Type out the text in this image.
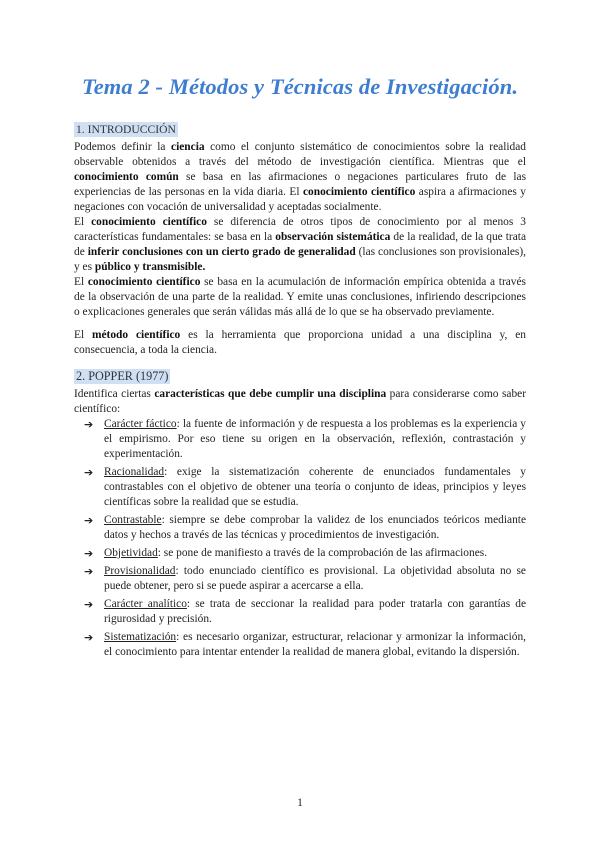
Tema 2 - Métodos y Técnicas de Investigación.
1. INTRODUCCIÓN

Podemos definir la ciencia como el conjunto sistemático de conocimientos sobre la realidad observable obtenidos a través del método de investigación científica. Mientras que el conocimiento común se basa en las afirmaciones o negaciones particulares fruto de las experiencias de las personas en la vida diaria. El conocimiento científico aspira a afirmaciones y negaciones con vocación de universalidad y aceptadas socialmente.

El conocimiento científico se diferencia de otros tipos de conocimiento por al menos 3 características fundamentales: se basa en la observación sistemática de la realidad, de la que trata de inferir conclusiones con un cierto grado de generalidad (las conclusiones son provisionales), y es público y transmisible.

El conocimiento científico se basa en la acumulación de información empírica obtenida a través de la observación de una parte de la realidad. Y emite unas conclusiones, infiriendo descripciones o explicaciones generales que serán válidas más allá de lo que se ha observado previamente.

El método científico es la herramienta que proporciona unidad a una disciplina y, en consecuencia, a toda la ciencia.

2. POPPER (1977)

Identifica ciertas características que debe cumplir una disciplina para considerarse como saber científico:

➔ Carácter fáctico: la fuente de información y de respuesta a los problemas es la experiencia y el empirismo. Por eso tiene su origen en la observación, reflexión, contrastación y experimentación.
➔ Racionalidad: exige la sistematización coherente de enunciados fundamentales y contrastables con el objetivo de obtener una teoría o conjunto de ideas, principios y leyes científicas sobre la realidad que se estudia.
➔ Contrastable: siempre se debe comprobar la validez de los enunciados teóricos mediante datos y hechos a través de las técnicas y procedimientos de investigación.
➔ Objetividad: se pone de manifiesto a través de la comprobación de las afirmaciones.
➔ Provisionalidad: todo enunciado científico es provisional. La objetividad absoluta no se puede obtener, pero si se puede aspirar a acercarse a ella.
➔ Carácter analítico: se trata de seccionar la realidad para poder tratarla con garantías de rigurosidad y precisión.
➔ Sistematización: es necesario organizar, estructurar, relacionar y armonizar la información, el conocimiento para intentar entender la realidad de manera global, evitando la dispersión.
1
